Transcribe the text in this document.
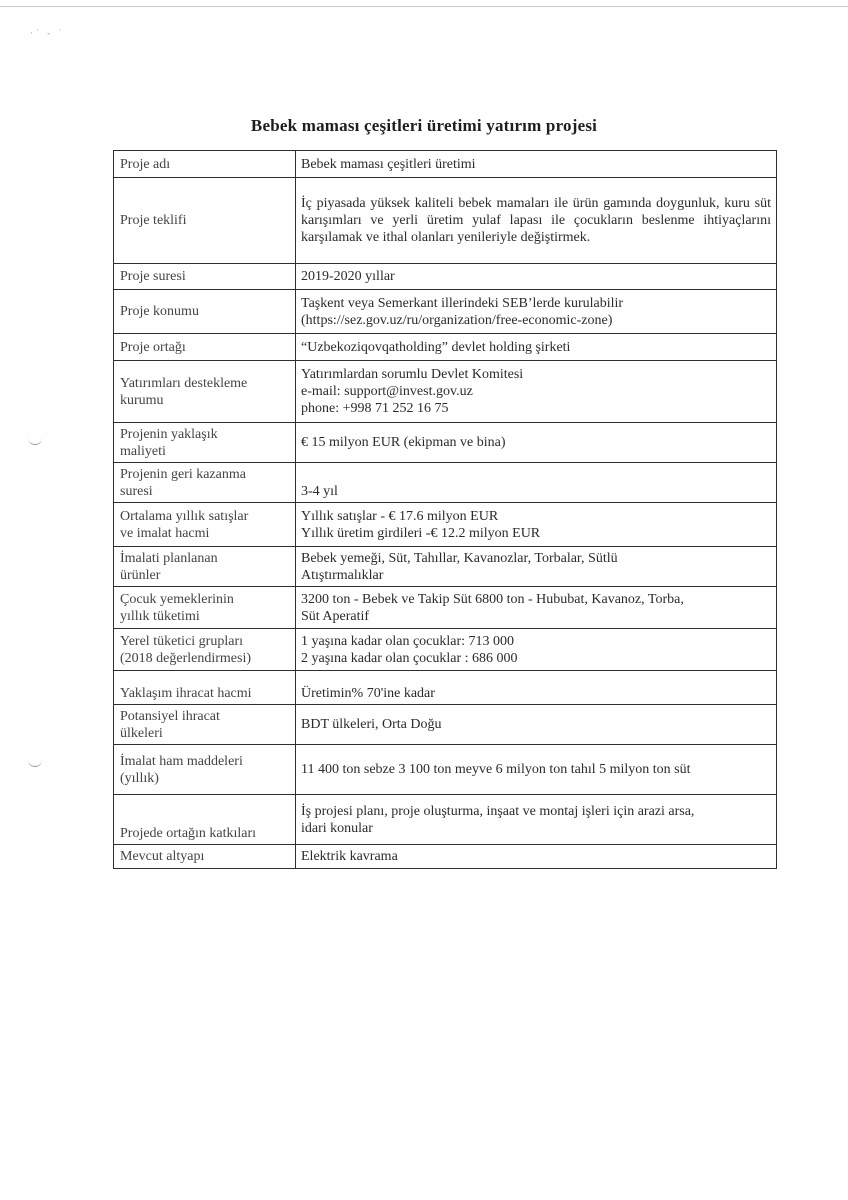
·˙ - ˙
Bebek maması çeşitleri üretimi yatırım projesi
Proje adı	Bebek maması çeşitleri üretimi

Proje teklifi	İç piyasada yüksek kaliteli bebek mamaları ile ürün gamında doygunluk, kuru süt karışımları ve yerli üretim yulaf lapası ile çocukların beslenme ihtiyaçlarını karşılamak ve ithal olanları yenileriyle değiştirmek.

Proje suresi	2019-2020 yıllar

Proje konumu	Taşkent veya Semerkant illerindeki SEB’lerde kurulabilir
(https://sez.gov.uz/ru/organization/free-economic-zone)

Proje ortağı	“Uzbekoziqovqatholding” devlet holding şirketi

Yatırımları destekleme
kurumu	Yatırımlardan sorumlu Devlet Komitesi
e-mail: support@invest.gov.uz
phone: +998 71 252 16 75

Projenin yaklaşık
maliyeti	€ 15 milyon EUR (ekipman ve bina)

Projenin geri kazanma
suresi	3-4 yıl

Ortalama yıllık satışlar
ve imalat hacmi	Yıllık satışlar - € 17.6 milyon EUR
Yıllık üretim girdileri -€ 12.2 milyon EUR

İmalati planlanan
ürünler	Bebek yemeği, Süt, Tahıllar, Kavanozlar, Torbalar, Sütlü
Atıştırmalıklar

Çocuk yemeklerinin
yıllık tüketimi	3200 ton - Bebek ve Takip Süt 6800 ton - Hububat, Kavanoz, Torba,
Süt Aperatif

Yerel tüketici grupları
(2018 değerlendirmesi)	1 yaşına kadar olan çocuklar: 713 000
2 yaşına kadar olan çocuklar : 686 000

Yaklaşım ihracat hacmi	Üretimin% 70'ine kadar

Potansiyel ihracat
ülkeleri	BDT ülkeleri, Orta Doğu

İmalat ham maddeleri
(yıllık)	11 400 ton sebze 3 100 ton meyve 6 milyon ton tahıl 5 milyon ton süt

Projede ortağın katkıları	İş projesi planı, proje oluşturma, inşaat ve montaj işleri için arazi arsa,
idari konular

Mevcut altyapı	Elektrik kavrama
